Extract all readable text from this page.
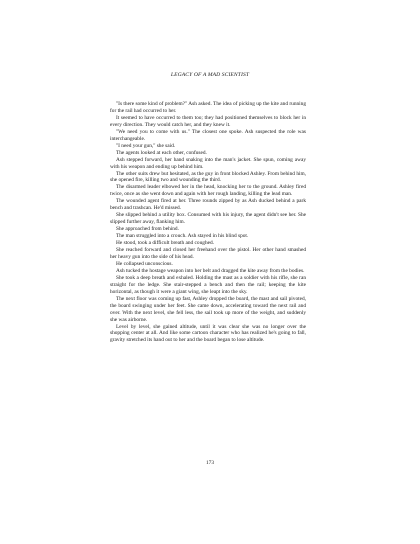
LEGACY OF A MAD SCIENTIST

"Is there some kind of problem?" Ash asked. The idea of picking up the kite and running for the rail had occurred to her.

It seemed to have occurred to them too; they had positioned themselves to block her in every direction. They would catch her, and they knew it.

"We need you to come with us." The closest one spoke. Ash suspected the role was interchangeable.

"I need your gun," she said.

The agents looked at each other, confused.

Ash stepped forward, her hand snaking into the man's jacket. She spun, coming away with his weapon and ending up behind him.

The other suits drew but hesitated, as the guy in front blocked Ashley. From behind him, she opened fire, killing two and wounding the third.

The disarmed leader elbowed her in the head, knocking her to the ground. Ashley fired twice, once as she went down and again with her rough landing, killing the lead man.

The wounded agent fired at her. Three rounds zipped by as Ash ducked behind a park bench and trashcan. He'd missed.

She slipped behind a utility box. Consumed with his injury, the agent didn't see her. She slipped further away, flanking him.

She approached from behind.

The man struggled into a crouch. Ash stayed in his blind spot.

He stood, took a difficult breath and coughed.

She reached forward and closed her freehand over the pistol. Her other hand smashed her heavy gun into the side of his head.

He collapsed unconscious.

Ash tucked the hostage weapon into her belt and dragged the kite away from the bodies.

She took a deep breath and exhaled. Holding the mast as a soldier with his rifle, she ran straight for the ledge. She stair-stepped a bench and then the rail; keeping the kite horizontal, as though it were a giant wing, she leapt into the sky.

The next floor was coming up fast, Ashley dropped the board, the mast and sail pivoted, the board swinging under her feet. She came down, accelerating toward the next rail and over. With the next level, she fell less, the sail took up more of the weight, and suddenly she was airborne.

Level by level, she gained altitude, until it was clear she was no longer over the shopping center at all. And like some cartoon character who has realized he's going to fall, gravity stretched its hand out to her and the board began to lose altitude.

173
